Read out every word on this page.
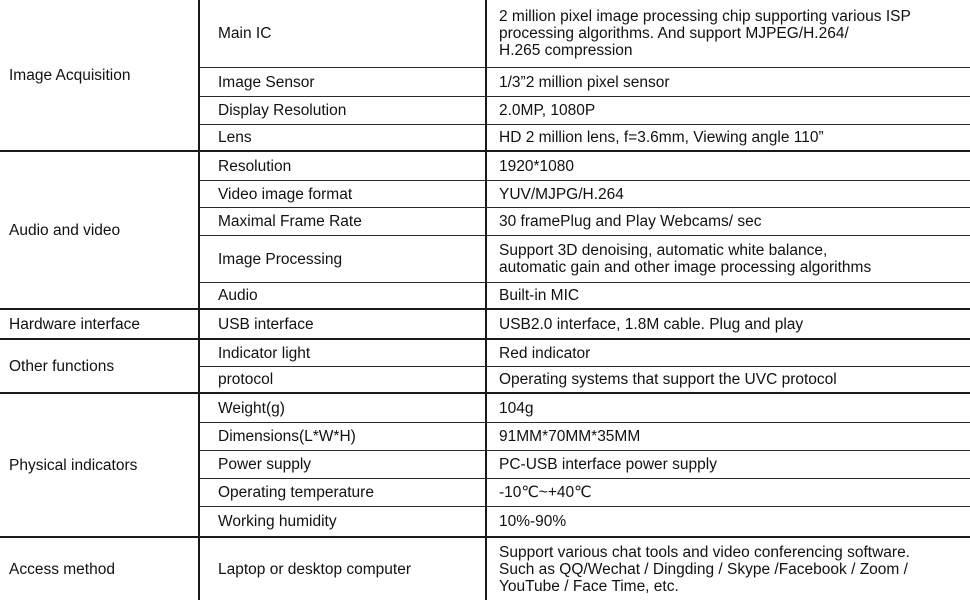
Image Acquisition
Audio and video
Hardware interface
Other functions
Physical indicators
Access method
Main IC
Image Sensor
Display Resolution
Lens
Resolution
Video image format
Maximal Frame Rate
Image Processing
Audio
USB interface
Indicator light
protocol
Weight(g)
Dimensions(L*W*H)
Power supply
Operating temperature
Working humidity
Laptop or desktop computer
2 million pixel image processing chip supporting various ISP
processing algorithms. And support MJPEG/H.264/
H.265 compression
1/3”2 million pixel sensor
2.0MP, 1080P
HD 2 million lens, f=3.6mm, Viewing angle 110”
1920*1080
YUV/MJPG/H.264
30 framePlug and Play Webcams/ sec
Support 3D denoising, automatic white balance,
automatic gain and other image processing algorithms
Built-in MIC
USB2.0 interface, 1.8M cable. Plug and play
Red indicator
Operating systems that support the UVC protocol
104g
91MM*70MM*35MM
PC-USB interface power supply
-10℃~+40℃
10%-90%
Support various chat tools and video conferencing software.
Such as QQ/Wechat / Dingding / Skype /Facebook / Zoom /
YouTube / Face Time, etc.
